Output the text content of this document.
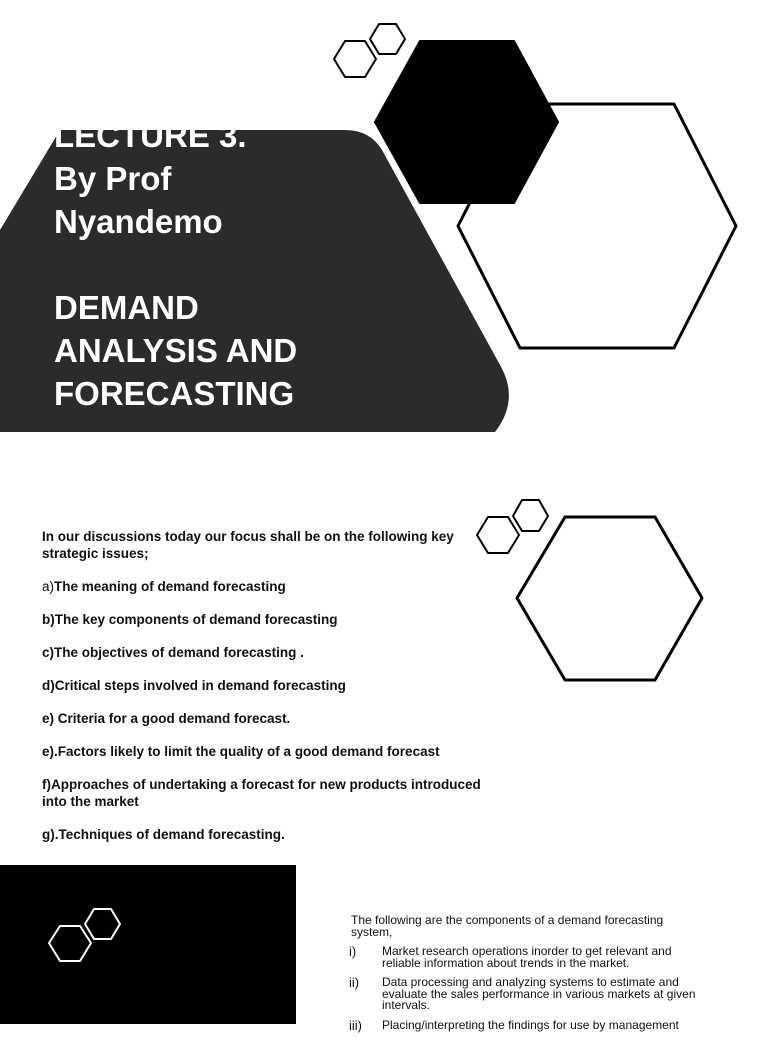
LECTURE 3.
By Prof
Nyandemo
DEMAND
ANALYSIS AND
FORECASTING

In our discussions today our focus shall be on the following key strategic issues;

a)The meaning of demand forecasting

b)The key components of demand forecasting

c)The objectives of demand forecasting .

d)Critical steps involved in demand forecasting

e) Criteria for a good demand forecast.

e).Factors likely to limit the quality of a good demand forecast

f)Approaches of undertaking a forecast for new products introduced into the market

g).Techniques of demand forecasting.

The following are the components of a demand forecasting system,

i)	Market research operations inorder to get relevant and reliable information about trends in the market.
ii)	Data processing and analyzing systems to estimate and evaluate the sales performance in various markets at given intervals.
iii)	Placing/interpreting the findings for use by management
